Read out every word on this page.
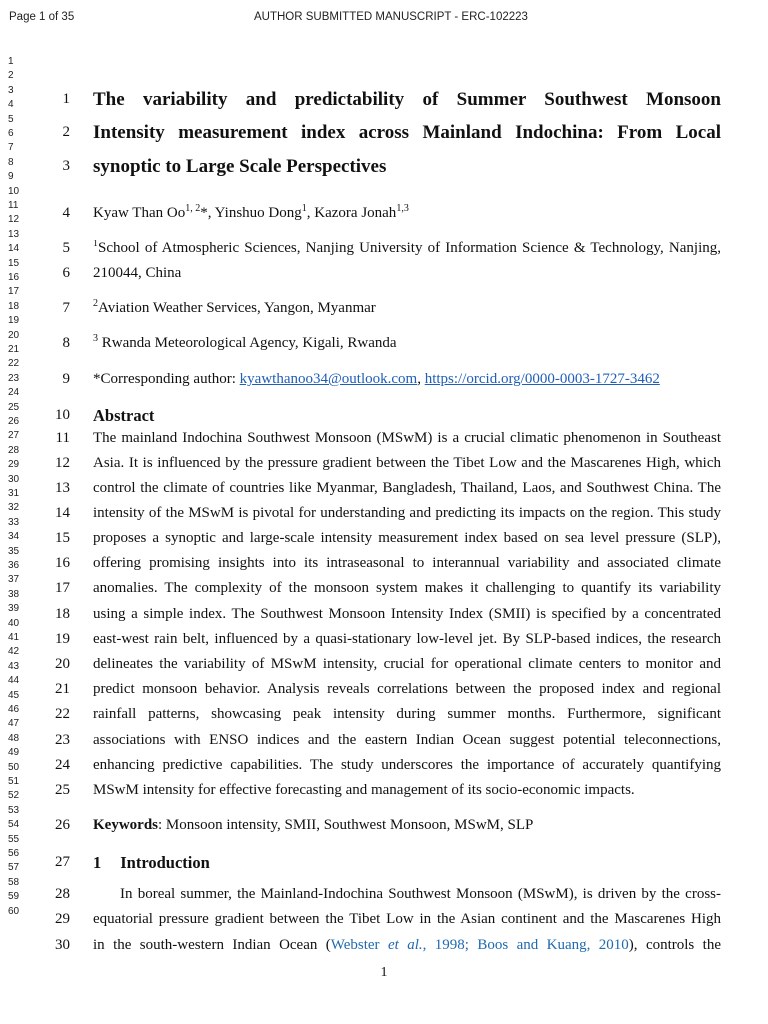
Page 1 of 35	AUTHOR SUBMITTED MANUSCRIPT - ERC-102223
1
2
3
4
5
6
7
8
9
10
11
12
13
14
15
16
17
18
19
20
21
22
23
24
25
26
27
28
29
30
31
32
33
34
35
36
37
38
39
40
41
42
43
44
45
46
47
48
49
50
51
52
53
54
55
56
57
58
59
60
1
2
3
4
5
6
7
8
9
10
11
12
13
14
15
16
17
18
19
20
21
22
23
24
25
26
27
28
29
30
The variability and predictability of Summer Southwest Monsoon
Intensity measurement index across Mainland Indochina: From Local
synoptic to Large Scale Perspectives
Kyaw Than Oo$^{1, 2}$*, Yinshuo Dong$^1$, Kazora Jonah$^{1,3}$
$^1$School of Atmospheric Sciences, Nanjing University of Information Science & Technology, Nanjing,
210044, China
$^2$Aviation Weather Services, Yangon, Myanmar
$^3$ Rwanda Meteorological Agency, Kigali, Rwanda
*Corresponding author: kyawthanoo34@outlook.com, https://orcid.org/0000-0003-1727-3462
Abstract
The mainland Indochina Southwest Monsoon (MSwM) is a crucial climatic phenomenon in Southeast
Asia. It is influenced by the pressure gradient between the Tibet Low and the Mascarenes High, which
control the climate of countries like Myanmar, Bangladesh, Thailand, Laos, and Southwest China. The
intensity of the MSwM is pivotal for understanding and predicting its impacts on the region. This study
proposes a synoptic and large-scale intensity measurement index based on sea level pressure (SLP),
offering promising insights into its intraseasonal to interannual variability and associated climate
anomalies. The complexity of the monsoon system makes it challenging to quantify its variability
using a simple index. The Southwest Monsoon Intensity Index (SMII) is specified by a concentrated
east-west rain belt, influenced by a quasi-stationary low-level jet. By SLP-based indices, the research
delineates the variability of MSwM intensity, crucial for operational climate centers to monitor and
predict monsoon behavior. Analysis reveals correlations between the proposed index and regional
rainfall patterns, showcasing peak intensity during summer months. Furthermore, significant
associations with ENSO indices and the eastern Indian Ocean suggest potential teleconnections,
enhancing predictive capabilities. The study underscores the importance of accurately quantifying
MSwM intensity for effective forecasting and management of its socio-economic impacts.
Keywords: Monsoon intensity, SMII, Southwest Monsoon, MSwM, SLP
1 Introduction
In boreal summer, the Mainland-Indochina Southwest Monsoon (MSwM), is driven by the cross-
equatorial pressure gradient between the Tibet Low in the Asian continent and the Mascarenes High
in the south-western Indian Ocean (Webster et al., 1998; Boos and Kuang, 2010), controls the
1
